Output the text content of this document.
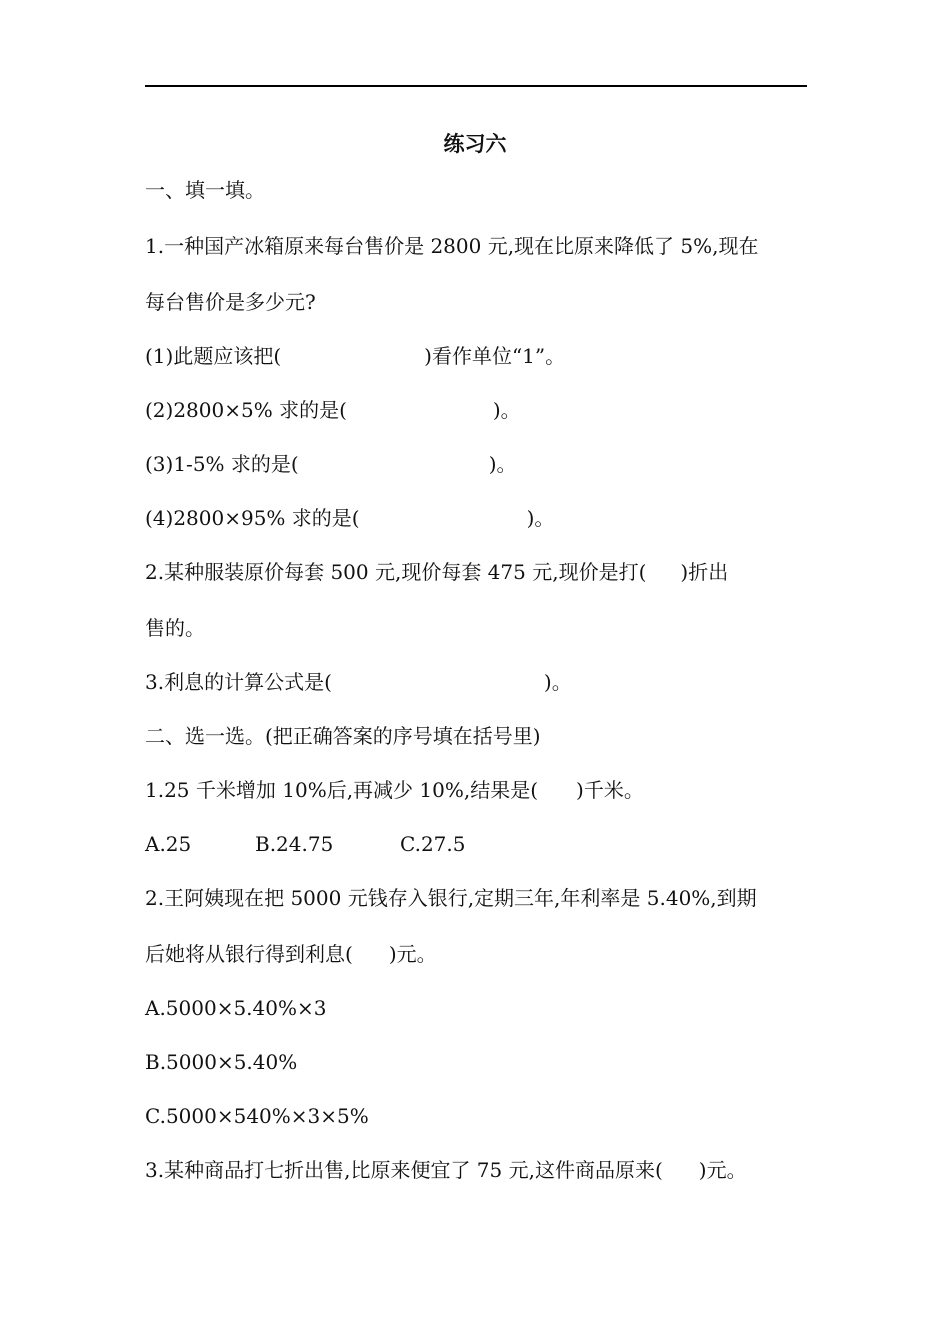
练习六
一、填一填。
1.一种国产冰箱原来每台售价是 2800 元,现在比原来降低了 5%,现在
每台售价是多少元?
(1)此题应该把(	)看作单位“1”。
(2)2800×5% 求的是(	)。
(3)1-5% 求的是(	)。
(4)2800×95% 求的是(	)。
2.某种服装原价每套 500 元,现价每套 475 元,现价是打( )折出
售的。
3.利息的计算公式是(	)。
二、选一选。(把正确答案的序号填在括号里)
1.25 千米增加 10%后,再减少 10%,结果是( )千米。
A.25	B.24.75	C.27.5
2.王阿姨现在把 5000 元钱存入银行,定期三年,年利率是 5.40%,到期
后她将从银行得到利息( )元。
A.5000×5.40%×3
B.5000×5.40%
C.5000×540%×3×5%
3.某种商品打七折出售,比原来便宜了 75 元,这件商品原来( )元。
